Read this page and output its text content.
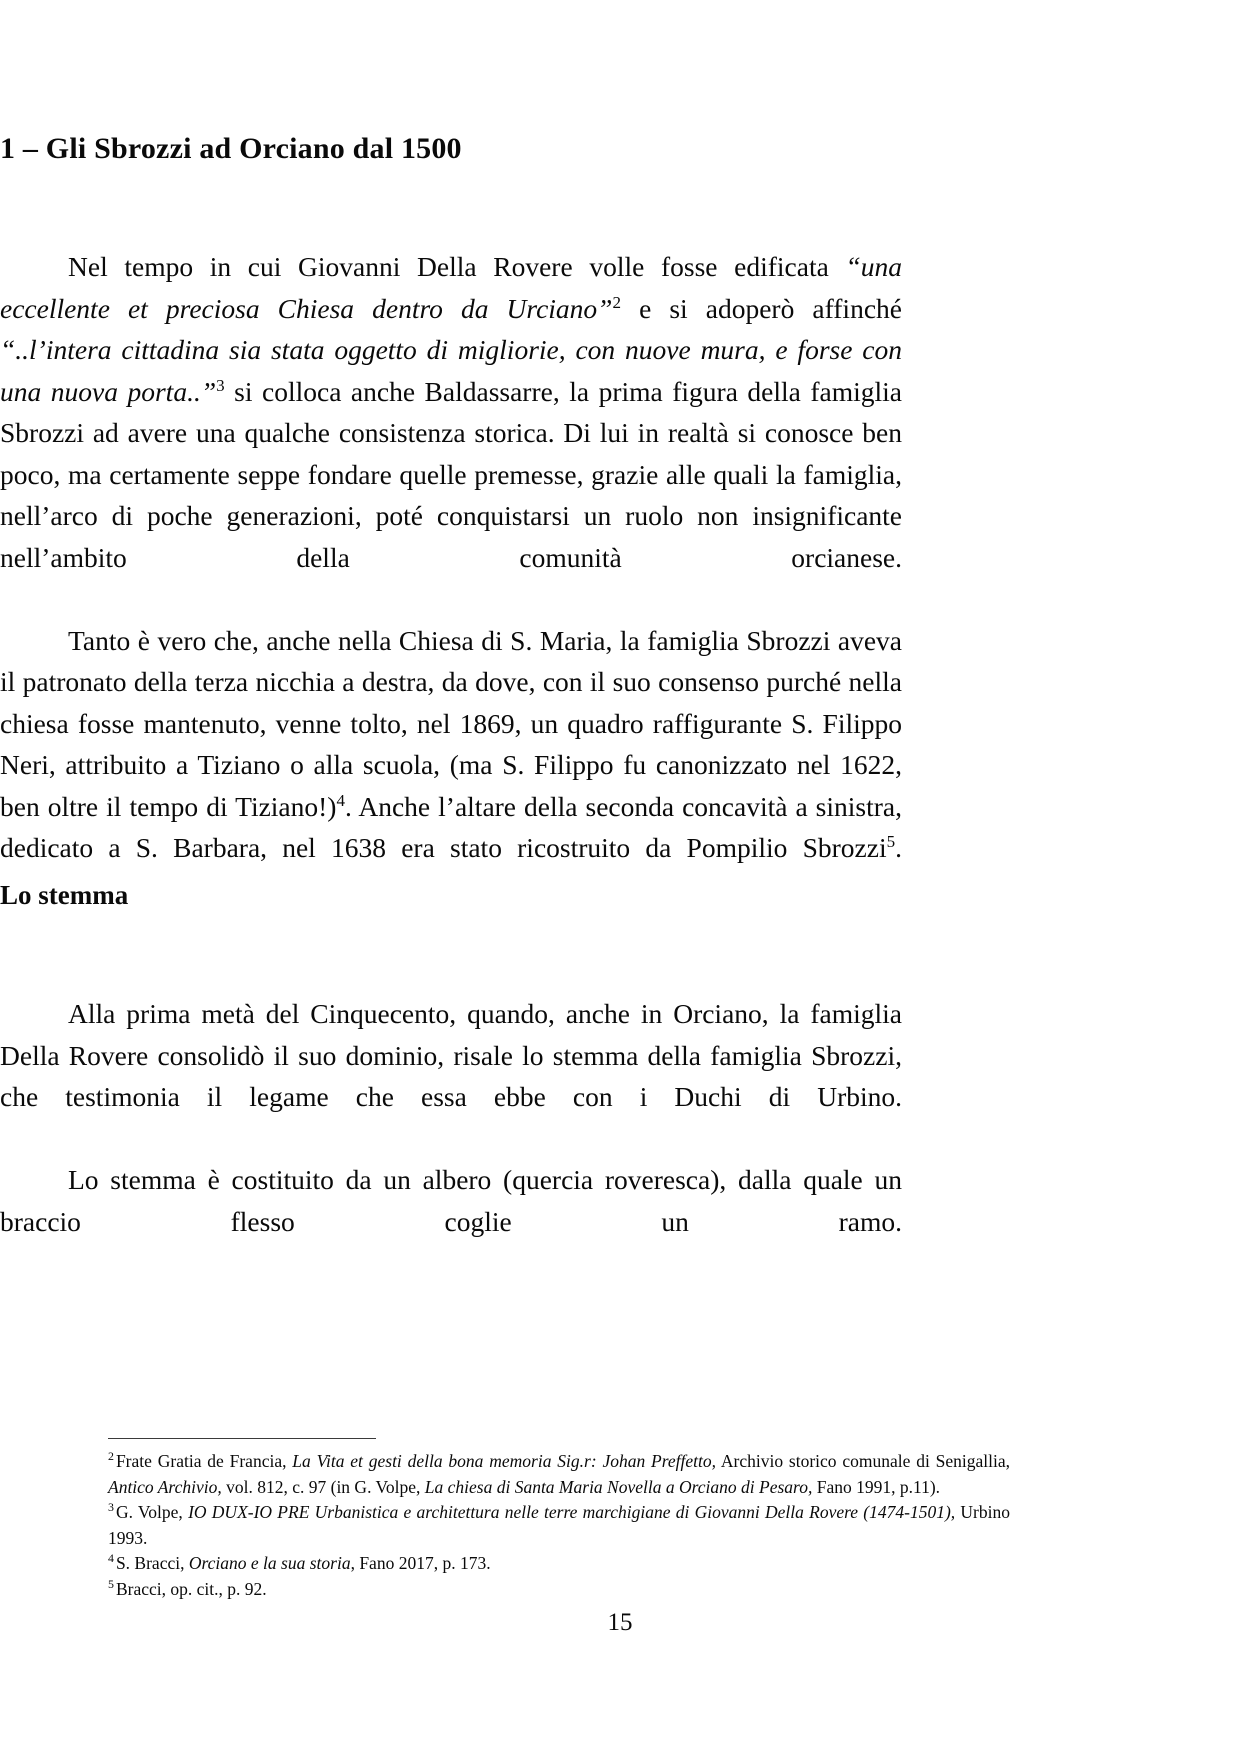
1 – Gli Sbrozzi ad Orciano dal 1500

Nel tempo in cui Giovanni Della Rovere volle fosse edificata “una eccellente et preciosa Chiesa dentro da Urciano”$^2$ e si adoperò affinché “..l’intera cittadina sia stata oggetto di migliorie, con nuove mura, e forse con una nuova porta..”$^3$ si colloca anche Baldassarre, la prima figura della famiglia Sbrozzi ad avere una qualche consistenza storica. Di lui in realtà si conosce ben poco, ma certamente seppe fondare quelle premesse, grazie alle quali la famiglia, nell’arco di poche generazioni, poté conquistarsi un ruolo non insignificante nell’ambito della comunità orcianese.

Tanto è vero che, anche nella Chiesa di S. Maria, la famiglia Sbrozzi aveva il patronato della terza nicchia a destra, da dove, con il suo consenso purché nella chiesa fosse mantenuto, venne tolto, nel 1869, un quadro raffigurante S. Filippo Neri, attribuito a Tiziano o alla scuola, (ma S. Filippo fu canonizzato nel 1622, ben oltre il tempo di Tiziano!)$^4$. Anche l’altare della seconda concavità a sinistra, dedicato a S. Barbara, nel 1638 era stato ricostruito da Pompilio Sbrozzi$^5$.

Lo stemma

Alla prima metà del Cinquecento, quando, anche in Orciano, la famiglia Della Rovere consolidò il suo dominio, risale lo stemma della famiglia Sbrozzi, che testimonia il legame che essa ebbe con i Duchi di Urbino.

Lo stemma è costituito da un albero (quercia roveresca), dalla quale un braccio flesso coglie un ramo.

$^2$ Frate Gratia de Francia, La Vita et gesti della bona memoria Sig.r: Johan Preffetto, Archivio storico comunale di Senigallia, Antico Archivio, vol. 812, c. 97 (in G. Volpe, La chiesa di Santa Maria Novella a Orciano di Pesaro, Fano 1991, p.11).

$^3$ G. Volpe, IO DUX-IO PRE Urbanistica e architettura nelle terre marchigiane di Giovanni Della Rovere (1474-1501), Urbino 1993.

$^4$ S. Bracci, Orciano e la sua storia, Fano 2017, p. 173.

$^5$ Bracci, op. cit., p. 92.

15
